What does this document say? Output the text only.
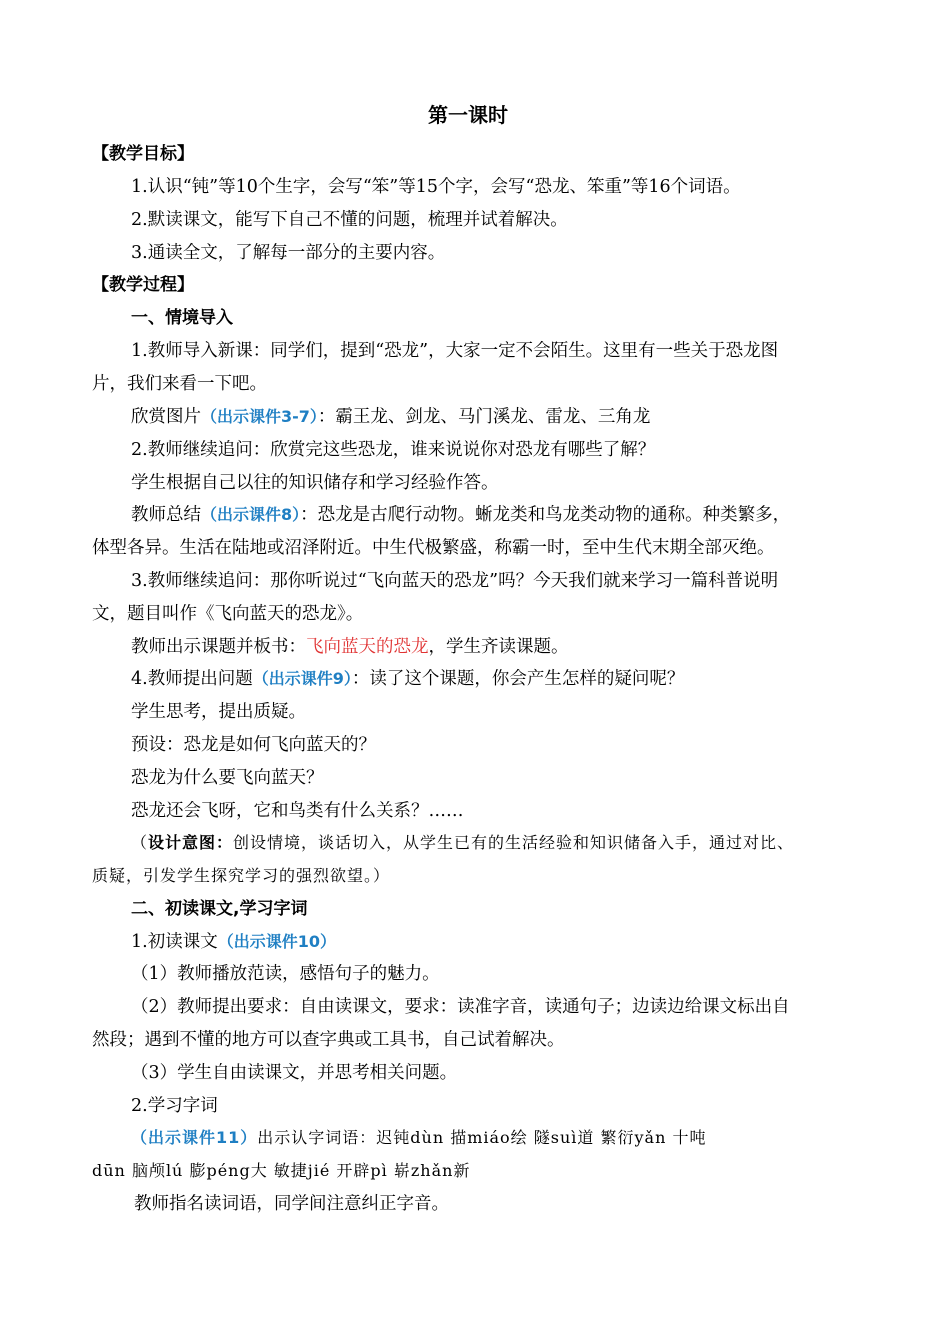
第一课时
【教学目标】
1.认识“钝”等10个生字，会写“笨”等15个字，会写“恐龙、笨重”等16个词语。
2.默读课文，能写下自己不懂的问题，梳理并试着解决。
3.通读全文，了解每一部分的主要内容。
【教学过程】
一、情境导入
1.教师导入新课：同学们，提到“恐龙”，大家一定不会陌生。这里有一些关于恐龙图
片，我们来看一下吧。
欣赏图片（出示课件3-7）：霸王龙、剑龙、马门溪龙、雷龙、三角龙
2.教师继续追问：欣赏完这些恐龙，谁来说说你对恐龙有哪些了解？
学生根据自己以往的知识储存和学习经验作答。
教师总结（出示课件8）：恐龙是古爬行动物。蜥龙类和鸟龙类动物的通称。种类繁多，
体型各异。生活在陆地或沼泽附近。中生代极繁盛，称霸一时，至中生代末期全部灭绝。
3.教师继续追问：那你听说过“飞向蓝天的恐龙”吗？今天我们就来学习一篇科普说明
文，题目叫作《飞向蓝天的恐龙》。
教师出示课题并板书：飞向蓝天的恐龙，学生齐读课题。
4.教师提出问题（出示课件9）：读了这个课题，你会产生怎样的疑问呢？
学生思考，提出质疑。
预设：恐龙是如何飞向蓝天的？
恐龙为什么要飞向蓝天？
恐龙还会飞呀，它和鸟类有什么关系？……
（设计意图：创设情境，谈话切入，从学生已有的生活经验和知识储备入手，通过对比、
质疑，引发学生探究学习的强烈欲望。）
二、初读课文,学习字词
1.初读课文（出示课件10）
（1）教师播放范读，感悟句子的魅力。
（2）教师提出要求：自由读课文，要求：读准字音，读通句子；边读边给课文标出自
然段；遇到不懂的地方可以查字典或工具书，自己试着解决。
（3）学生自由读课文，并思考相关问题。
2.学习字词
（出示课件11）出示认字词语：迟钝dùn 描miáo绘 隧suì道 繁衍yǎn 十吨
dūn 脑颅lú 膨péng大 敏捷jié 开辟pì 崭zhǎn新
教师指名读词语，同学间注意纠正字音。
